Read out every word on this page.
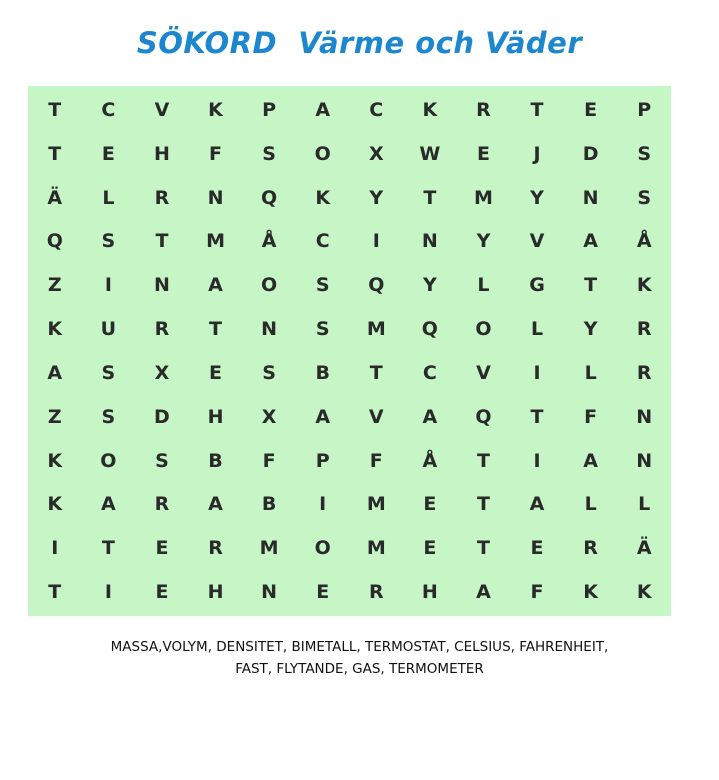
SÖKORD  Värme och Väder
T	C	V	K	P	A	C	K	R	T	E	P
T	E	H	F	S	O	X	W	E	J	D	S
Ä	L	R	N	Q	K	Y	T	M	Y	N	S
Q	S	T	M	Å	C	I	N	Y	V	A	Å
Z	I	N	A	O	S	Q	Y	L	G	T	K
K	U	R	T	N	S	M	Q	O	L	Y	R
A	S	X	E	S	B	T	C	V	I	L	R
Z	S	D	H	X	A	V	A	Q	T	F	N
K	O	S	B	F	P	F	Å	T	I	A	N
K	A	R	A	B	I	M	E	T	A	L	L
I	T	E	R	M	O	M	E	T	E	R	Ä
T	I	E	H	N	E	R	H	A	F	K	K
MASSA,VOLYM, DENSITET, BIMETALL, TERMOSTAT, CELSIUS, FAHRENHEIT,
FAST, FLYTANDE, GAS, TERMOMETER
